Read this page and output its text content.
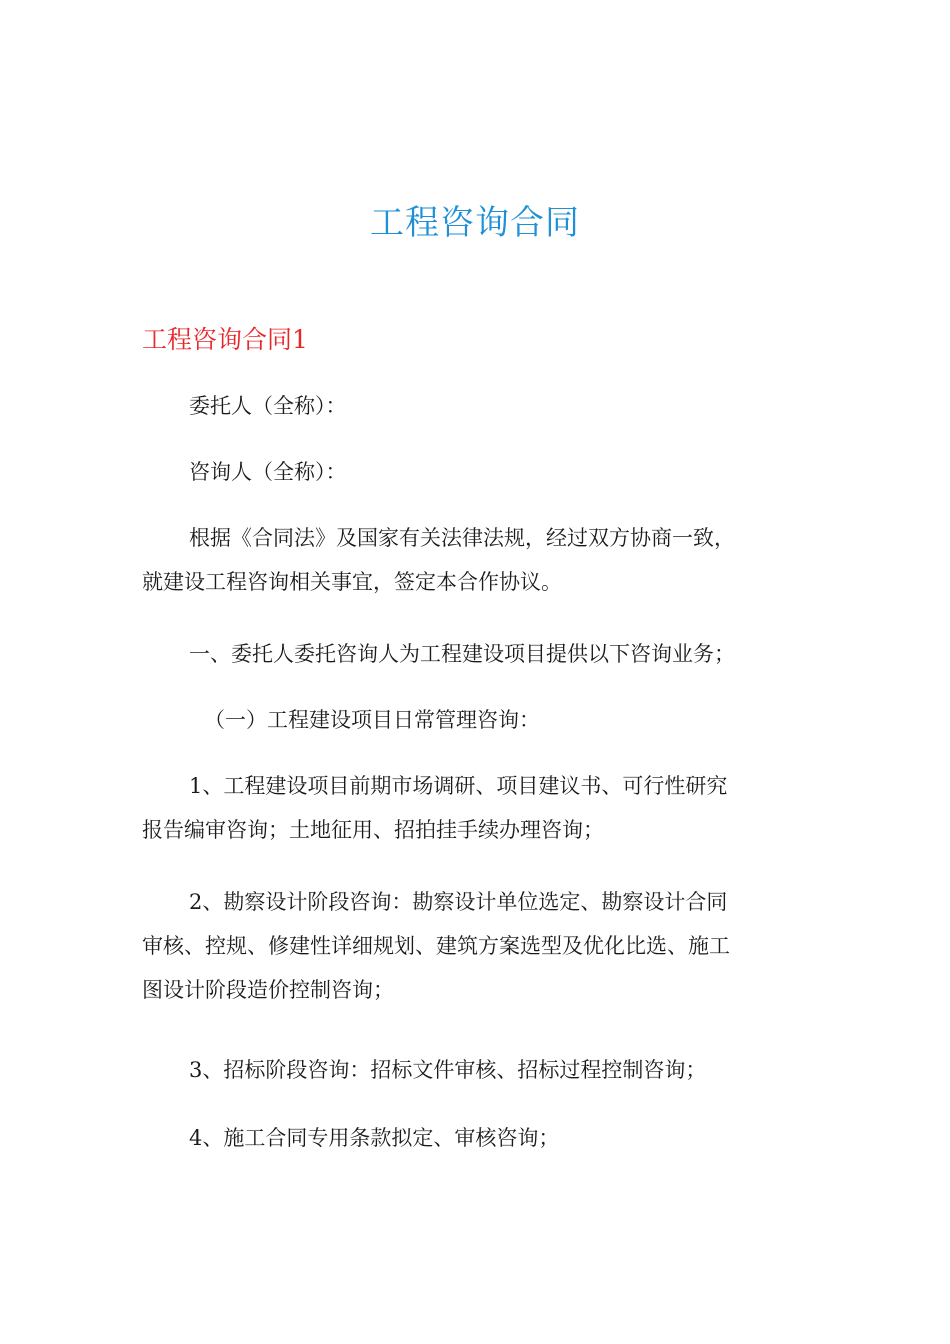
工程咨询合同
工程咨询合同1

委托人（全称）：

咨询人（全称）：

根据《合同法》及国家有关法律法规，经过双方协商一致，
就建设工程咨询相关事宜，签定本合作协议。

一、委托人委托咨询人为工程建设项目提供以下咨询业务；

（一）工程建设项目日常管理咨询：

1、工程建设项目前期市场调研、项目建议书、可行性研究
报告编审咨询；土地征用、招拍挂手续办理咨询；

2、勘察设计阶段咨询：勘察设计单位选定、勘察设计合同
审核、控规、修建性详细规划、建筑方案选型及优化比选、施工
图设计阶段造价控制咨询；

3、招标阶段咨询：招标文件审核、招标过程控制咨询；

4、施工合同专用条款拟定、审核咨询；
